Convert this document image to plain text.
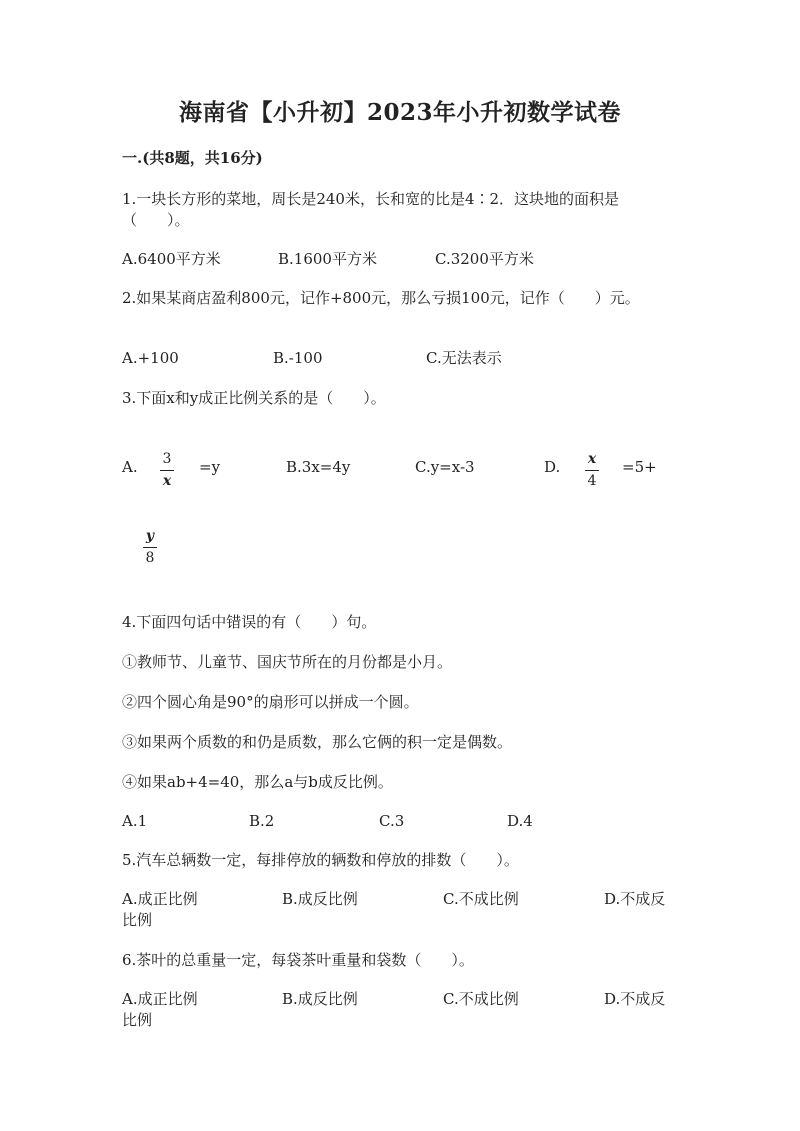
海南省【小升初】2023年小升初数学试卷
一.(共8题，共16分)
1.一块长方形的菜地，周长是240米，长和宽的比是4∶2．这块地的面积是
（　　）。
A.6400平方米	B.1600平方米	C.3200平方米
2.如果某商店盈利800元，记作+800元，那么亏损100元，记作（　　）元。
A.+100	B.-100	C.无法表示
3.下面x和y成正比例关系的是（　　）。
A. 3
x
=y	B.3x=4y	C.y=x-3	D. x
4
=5+
y
8
4.下面四句话中错误的有（　　）句。
①教师节、儿童节、国庆节所在的月份都是小月。
②四个圆心角是90°的扇形可以拼成一个圆。
③如果两个质数的和仍是质数，那么它俩的积一定是偶数。
④如果ab+4=40，那么a与b成反比例。
A.1	B.2	C.3	D.4
5.汽车总辆数一定，每排停放的辆数和停放的排数（　　）。
A.成正比例	B.成反比例	C.不成比例	D.不成反
比例
6.茶叶的总重量一定，每袋茶叶重量和袋数（　　）。
A.成正比例	B.成反比例	C.不成比例	D.不成反
比例
